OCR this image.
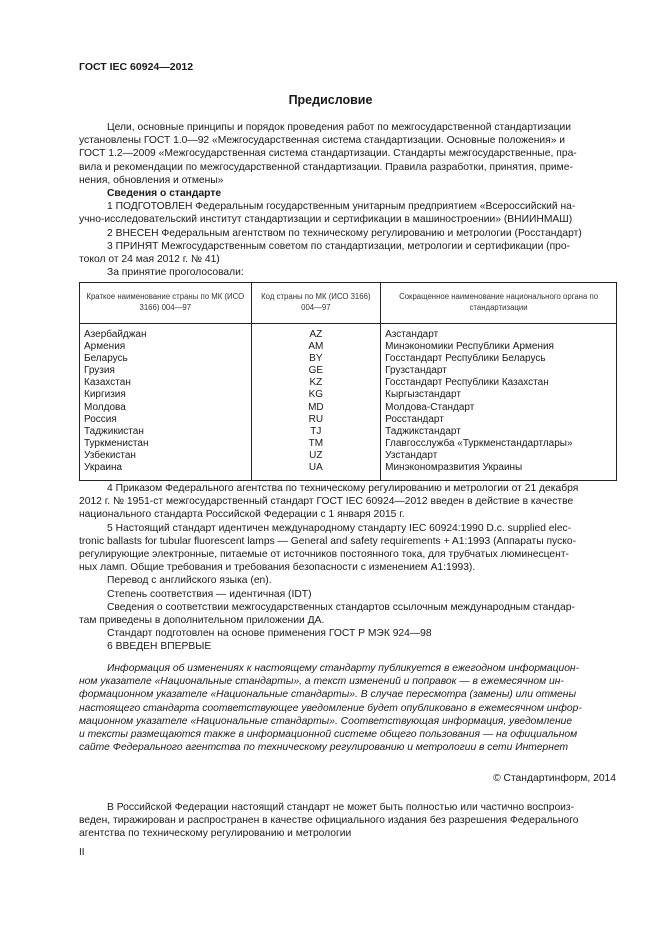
ГОСТ IEC 60924—2012
Предисловие

Цели, основные принципы и порядок проведения работ по межгосударственной стандартизации
установлены ГОСТ 1.0—92 «Межгосударственная система стандартизации. Основные положения» и
ГОСТ 1.2—2009 «Межгосударственная система стандартизации. Стандарты межгосударственные, пра-
вила и рекомендации по межгосударственной стандартизации. Правила разработки, принятия, приме-
нения, обновления и отмены»

Сведения о стандарте
1 ПОДГОТОВЛЕН Федеральным государственным унитарным предприятием «Всероссийский на-
учно-исследовательский институт стандартизации и сертификации в машиностроении» (ВНИИНМАШ)
2 ВНЕСЕН Федеральным агентством по техническому регулированию и метрологии (Росстандарт)
3 ПРИНЯТ Межгосударственным советом по стандартизации, метрологии и сертификации (про-
токол от 24 мая 2012 г. № 41)
За принятие проголосовали:

Краткое наименование страны по МК (ИСО 3166) 004—97	Код страны по МК (ИСО 3166) 004—97	Сокращенное наименование национального органа по стандартизации
Азербайджан	AZ	Азстандарт
Армения	AM	Минэкономики Республики Армения
Беларусь	BY	Госстандарт Республики Беларусь
Грузия	GE	Грузстандарт
Казахстан	KZ	Госстандарт Республики Казахстан
Киргизия	KG	Кыргызстандарт
Молдова	MD	Молдова-Стандарт
Россия	RU	Росстандарт
Таджикистан	TJ	Таджикстандарт
Туркменистан	TM	Главгосслужба «Туркменстандартлары»
Узбекистан	UZ	Узстандарт
Украина	UA	Минэкономразвития Украины

4 Приказом Федерального агентства по техническому регулированию и метрологии от 21 декабря
2012 г. № 1951-ст межгосударственный стандарт ГОСТ IEC 60924—2012 введен в действие в качестве
национального стандарта Российской Федерации с 1 января 2015 г.
5 Настоящий стандарт идентичен международному стандарту IEC 60924:1990 D.c. supplied elec-
tronic ballasts for tubular fluorescent lamps — General and safety requirements + A1:1993 (Аппараты пуско-
регулирующие электронные, питаемые от источников постоянного тока, для трубчатых люминесцент-
ных ламп. Общие требования и требования безопасности с изменением A1:1993).
Перевод с английского языка (en).
Степень соответствия — идентичная (IDT)
Сведения о соответствии межгосударственных стандартов ссылочным международным стандар-
там приведены в дополнительном приложении ДА.
Стандарт подготовлен на основе применения ГОСТ Р МЭК 924—98
6 ВВЕДЕН ВПЕРВЫЕ

Информация об изменениях к настоящему стандарту публикуется в ежегодном информацион-
ном указателе «Национальные стандарты», а текст изменений и поправок — в ежемесячном ин-
формационном указателе «Национальные стандарты». В случае пересмотра (замены) или отмены
настоящего стандарта соответствующее уведомление будет опубликовано в ежемесячном инфор-
мационном указателе «Национальные стандарты». Соответствующая информация, уведомление
и тексты размещаются также в информационной системе общего пользования — на официальном
сайте Федерального агентства по техническому регулированию и метрологии в сети Интернет

© Стандартинформ, 2014

В Российской Федерации настоящий стандарт не может быть полностью или частично воспроиз-
веден, тиражирован и распространен в качестве официального издания без разрешения Федерального
агентства по техническому регулированию и метрологии

II
